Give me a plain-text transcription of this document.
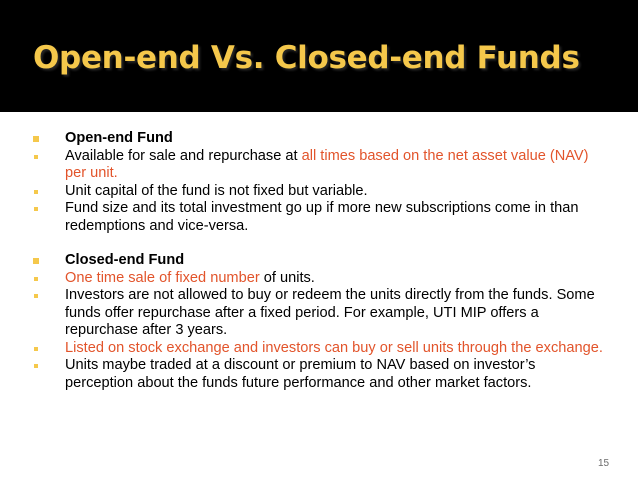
Open-end Vs. Closed-end Funds
Open-end Fund
Available for sale and repurchase at all times based on the net asset value (NAV) per unit.
Unit capital of the fund is not fixed but variable.
Fund size and its total investment go up if more new subscriptions come in than redemptions and vice-versa.
Closed-end Fund
One time sale of fixed number of units.
Investors are not allowed to buy or redeem the units directly from the funds. Some funds offer repurchase after a fixed period. For example, UTI MIP offers a repurchase after 3 years.
Listed on stock exchange and investors can buy or sell units through the exchange.
Units maybe traded at a discount or premium to NAV based on investor’s perception about the funds future performance and other market factors.
15
